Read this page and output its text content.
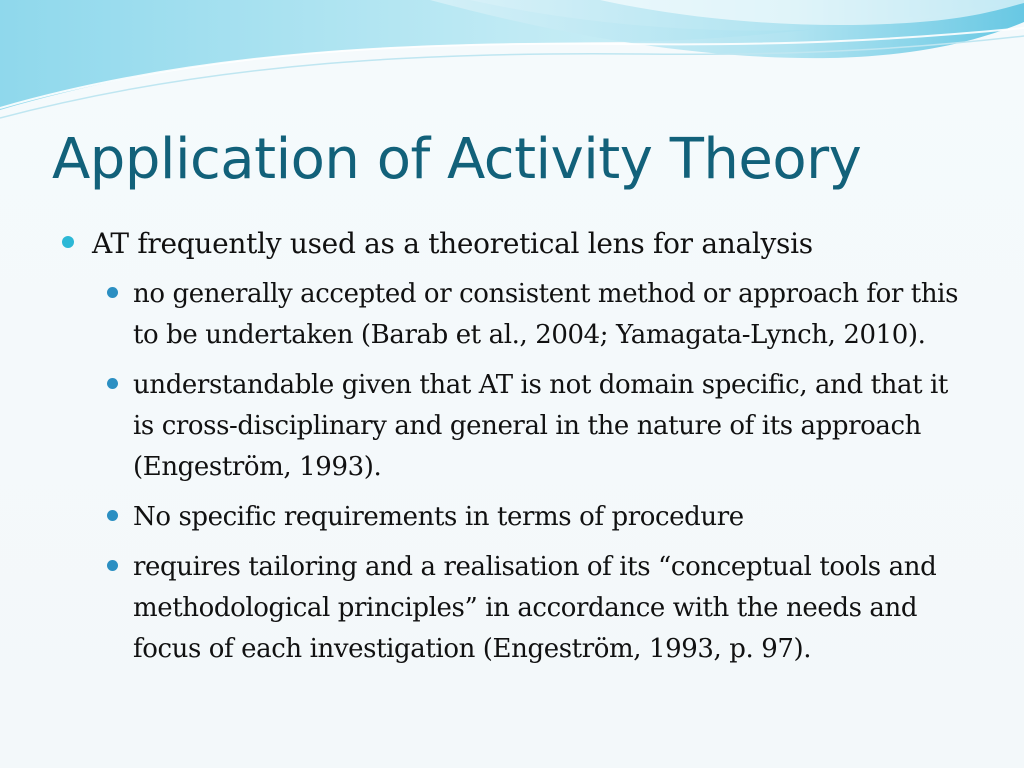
Application of Activity Theory
AT frequently used as a theoretical lens for analysis
no generally accepted or consistent method or approach for this to be undertaken (Barab et al., 2004; Yamagata-Lynch, 2010).
understandable given that AT is not domain specific, and that it is cross-disciplinary and general in the nature of its approach (Engeström, 1993).
No specific requirements in terms of procedure
requires tailoring and a realisation of its “conceptual tools and methodological principles” in accordance with the needs and focus of each investigation (Engeström, 1993, p. 97).
